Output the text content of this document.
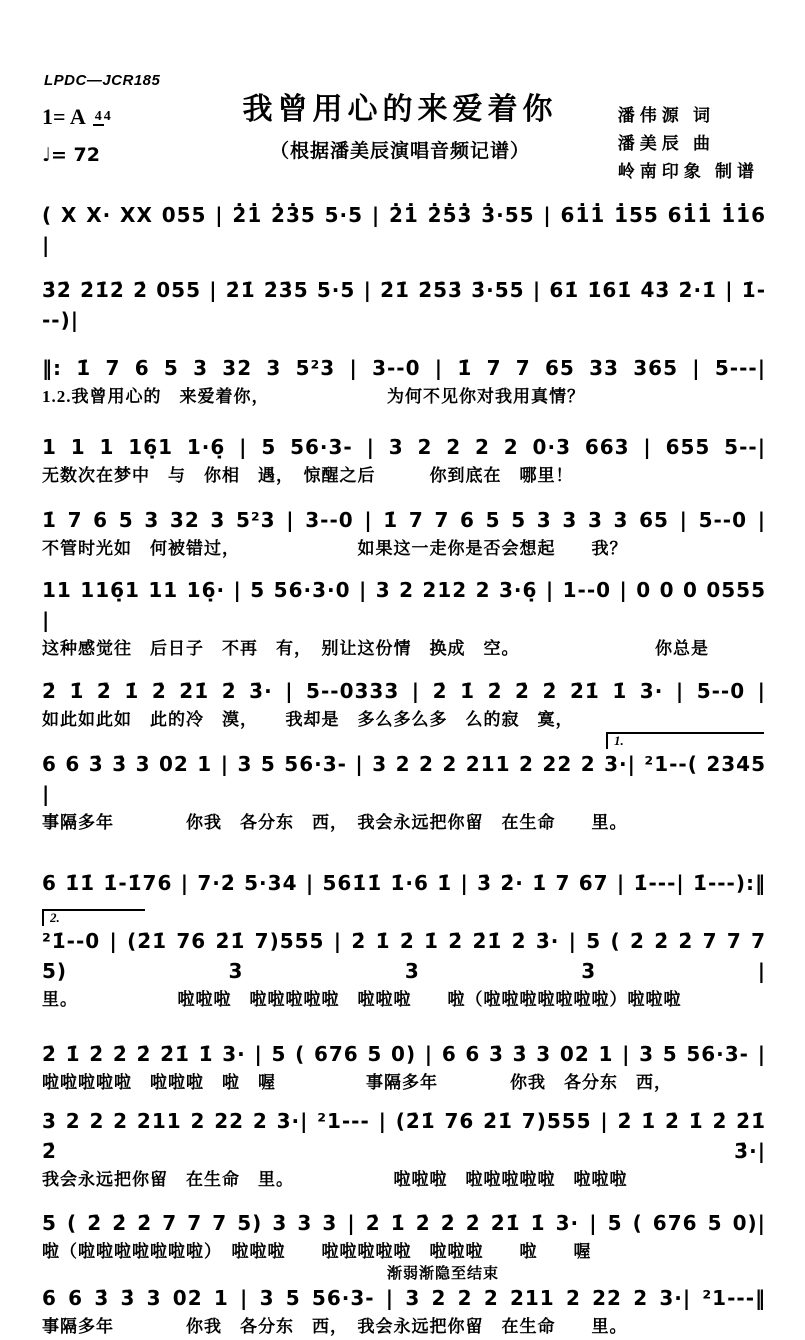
LPDC—JCR185
1= A 4 4
♩= 72
我曾用心的来爱着你
（根据潘美辰演唱音频记谱）
潘伟源 词
潘美辰 曲
岭南印象 制谱
( X X· XX 055 | 2̇1̇ 2̇3̇5 5·5 | 2̇1̇ 2̇5̇3̇ 3̇·55 | 61̇1̇ 1̇55 61̇1̇ 1̇1̇6 |
3̇2̇ 2̇1̇2̇ 2̇ 055 | 2̇1̇ 2̇3̇5 5·5 | 2̇1̇ 2̇5̇3̇ 3̇·55 | 61̇ 1̇61̇ 4̇3̇ 2̇·1̇ | 1̇---)|
‖: 1̇ 7 6 5 3 32 3 5²3 | 3--0 | 1̇ 7 7 65 33 365 | 5---|
1.2.我曾用心的　来爱着你，　　　　　　　为何不见你对我用真情？
1 1 1 16̣1 1·6̣ | 5 56·3- | 3 2 2 2 2 0·3 663 | 655 5--|
无数次在梦中　与　你相　遇，　惊醒之后　　　你到底在　哪里！
1̇ 7 6 5 3 32 3 5²3 | 3--0 | 1̇ 7 7 6 5 5 3 3 3 3 65 | 5--0 |
不管时光如　何被错过，　　　　　　　如果这一走你是否会想起　　我？
11 116̣1 11 16̣· | 5 56·3·0 | 3 2 212 2 3·6̣ | 1--0 | 0 0 0 0555 |
这种感觉往　后日子　不再　有，　别让这份情　换成　空。　　　　　　　　你总是
2̇ 1̇ 2̇ 1̇ 2̇ 2̇1̇ 2̇ 3̇· | 5--0333 | 2̇ 1̇ 2̇ 2̇ 2̇ 2̇1̇ 1̇ 3· | 5--0 |
如此如此如　此的冷　漠，　　我却是　多么多么多　么的寂　寞，
1.
6 6 3̇ 3̇ 3 02 1 | 3 5 56·3- | 3 2 2 2 211 2 22 2 3·| ²1--( 2345 |
事隔多年　　　　你我　各分东　西，　我会永远把你留　在生命　　里。
6 1̇1̇ 1̇-1̇76 | 7·2̇ 5·34 | 561̇1̇ 1̇·6 1̇ | 3̇ 2̇· 1̇ 7 67 | 1̇---| 1̇---):‖
2.
²1̇--0 | (2̇1̇ 76 2̇1̇ 7)555 | 2̇ 1̇ 2̇ 1̇ 2̇ 2̇1̇ 2̇ 3̇· | 5 ( 2̇ 2̇ 2̇ 7 7 7 5) 3 3 3 |
里。　　　　　　啦啦啦　啦啦啦啦啦　啦啦啦　　啦（啦啦啦啦啦啦啦）啦啦啦
2̇ 1̇ 2̇ 2̇ 2̇ 2̇1̇ 1̇ 3· | 5 ( 676 5 0) | 6 6 3̇ 3̇ 3 02 1 | 3 5 56·3- |
啦啦啦啦啦　啦啦啦　啦　喔　　　　　事隔多年　　　　你我　各分东　西，
3 2 2 2 211 2 22 2 3·| ²1--- | (2̇1̇ 76 2̇1̇ 7)555 | 2̇ 1̇ 2̇ 1̇ 2̇ 2̇1̇ 2̇ 3̇·|
我会永远把你留　在生命　里。　　　　　　啦啦啦　啦啦啦啦啦　啦啦啦
5 ( 2̇ 2̇ 2̇ 7 7 7 5) 3 3 3 | 2̇ 1̇ 2̇ 2̇ 2̇ 2̇1̇ 1̇ 3· | 5 ( 676 5 0)|
啦（啦啦啦啦啦啦啦）　啦啦啦　　啦啦啦啦啦　啦啦啦　　啦　　喔
渐弱渐隐至结束
6 6 3̇ 3̇ 3 02 1 | 3 5 56·3- | 3 2 2 2 211 2 22 2 3·| ²1---‖
事隔多年　　　　你我　各分东　西，　我会永远把你留　在生命　　里。
